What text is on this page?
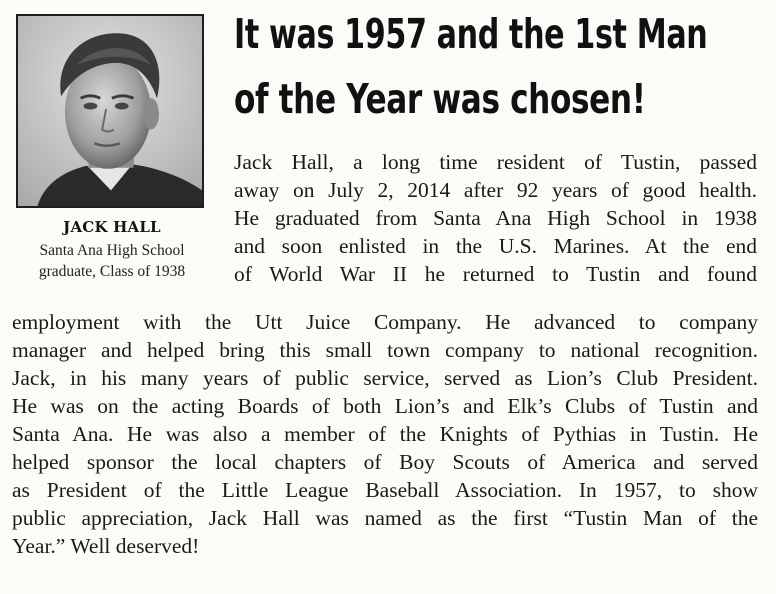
JACK HALL
Santa Ana High School
graduate, Class of 1938
It was 1957 and the 1st Man
of the Year was chosen!
Jack Hall, a long time resident of Tustin, passed
away on July 2, 2014 after 92 years of good health.
He graduated from Santa Ana High School in 1938
and soon enlisted in the U.S. Marines. At the end
of World War II he returned to Tustin and found
employment with the Utt Juice Company. He advanced to company
manager and helped bring this small town company to national recognition.
Jack, in his many years of public service, served as Lion’s Club President.
He was on the acting Boards of both Lion’s and Elk’s Clubs of Tustin and
Santa Ana. He was also a member of the Knights of Pythias in Tustin. He
helped sponsor the local chapters of Boy Scouts of America and served
as President of the Little League Baseball Association. In 1957, to show
public appreciation, Jack Hall was named as the first “Tustin Man of the
Year.” Well deserved!
